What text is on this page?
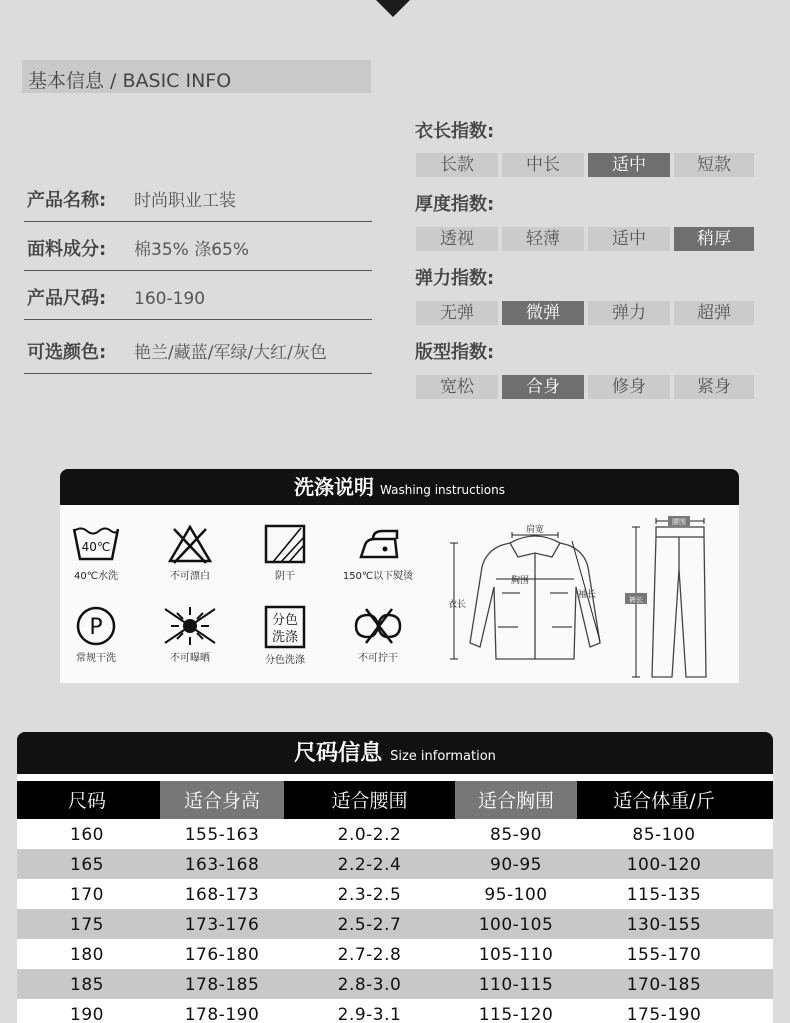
基本信息 / BASIC INFO
产品名称: 时尚职业工装
面料成分: 棉35% 涤65%
产品尺码: 160-190
可选颜色: 艳兰/藏蓝/军绿/大红/灰色
衣长指数:
长款	中长	适中	短款
厚度指数:
透视	轻薄	适中	稍厚
弹力指数:
无弹	微弹	弹力	超弹
版型指数:
宽松	合身	修身	紧身
洗涤说明 Washing instructions
40℃
40℃水洗	不可漂白	阴干	150℃以下熨烫
P
常规干洗	不可曝晒
分色
洗涤
分色洗涤	不可拧干
肩宽
胸围
衣长
袖长
腰围
裤长
尺码信息 Size information
尺码	适合身高	适合腰围	适合胸围	适合体重/斤
160	155-163	2.0-2.2	85-90	85-100
165	163-168	2.2-2.4	90-95	100-120
170	168-173	2.3-2.5	95-100	115-135
175	173-176	2.5-2.7	100-105	130-155
180	176-180	2.7-2.8	105-110	155-170
185	178-185	2.8-3.0	110-115	170-185
190	178-190	2.9-3.1	115-120	175-190
